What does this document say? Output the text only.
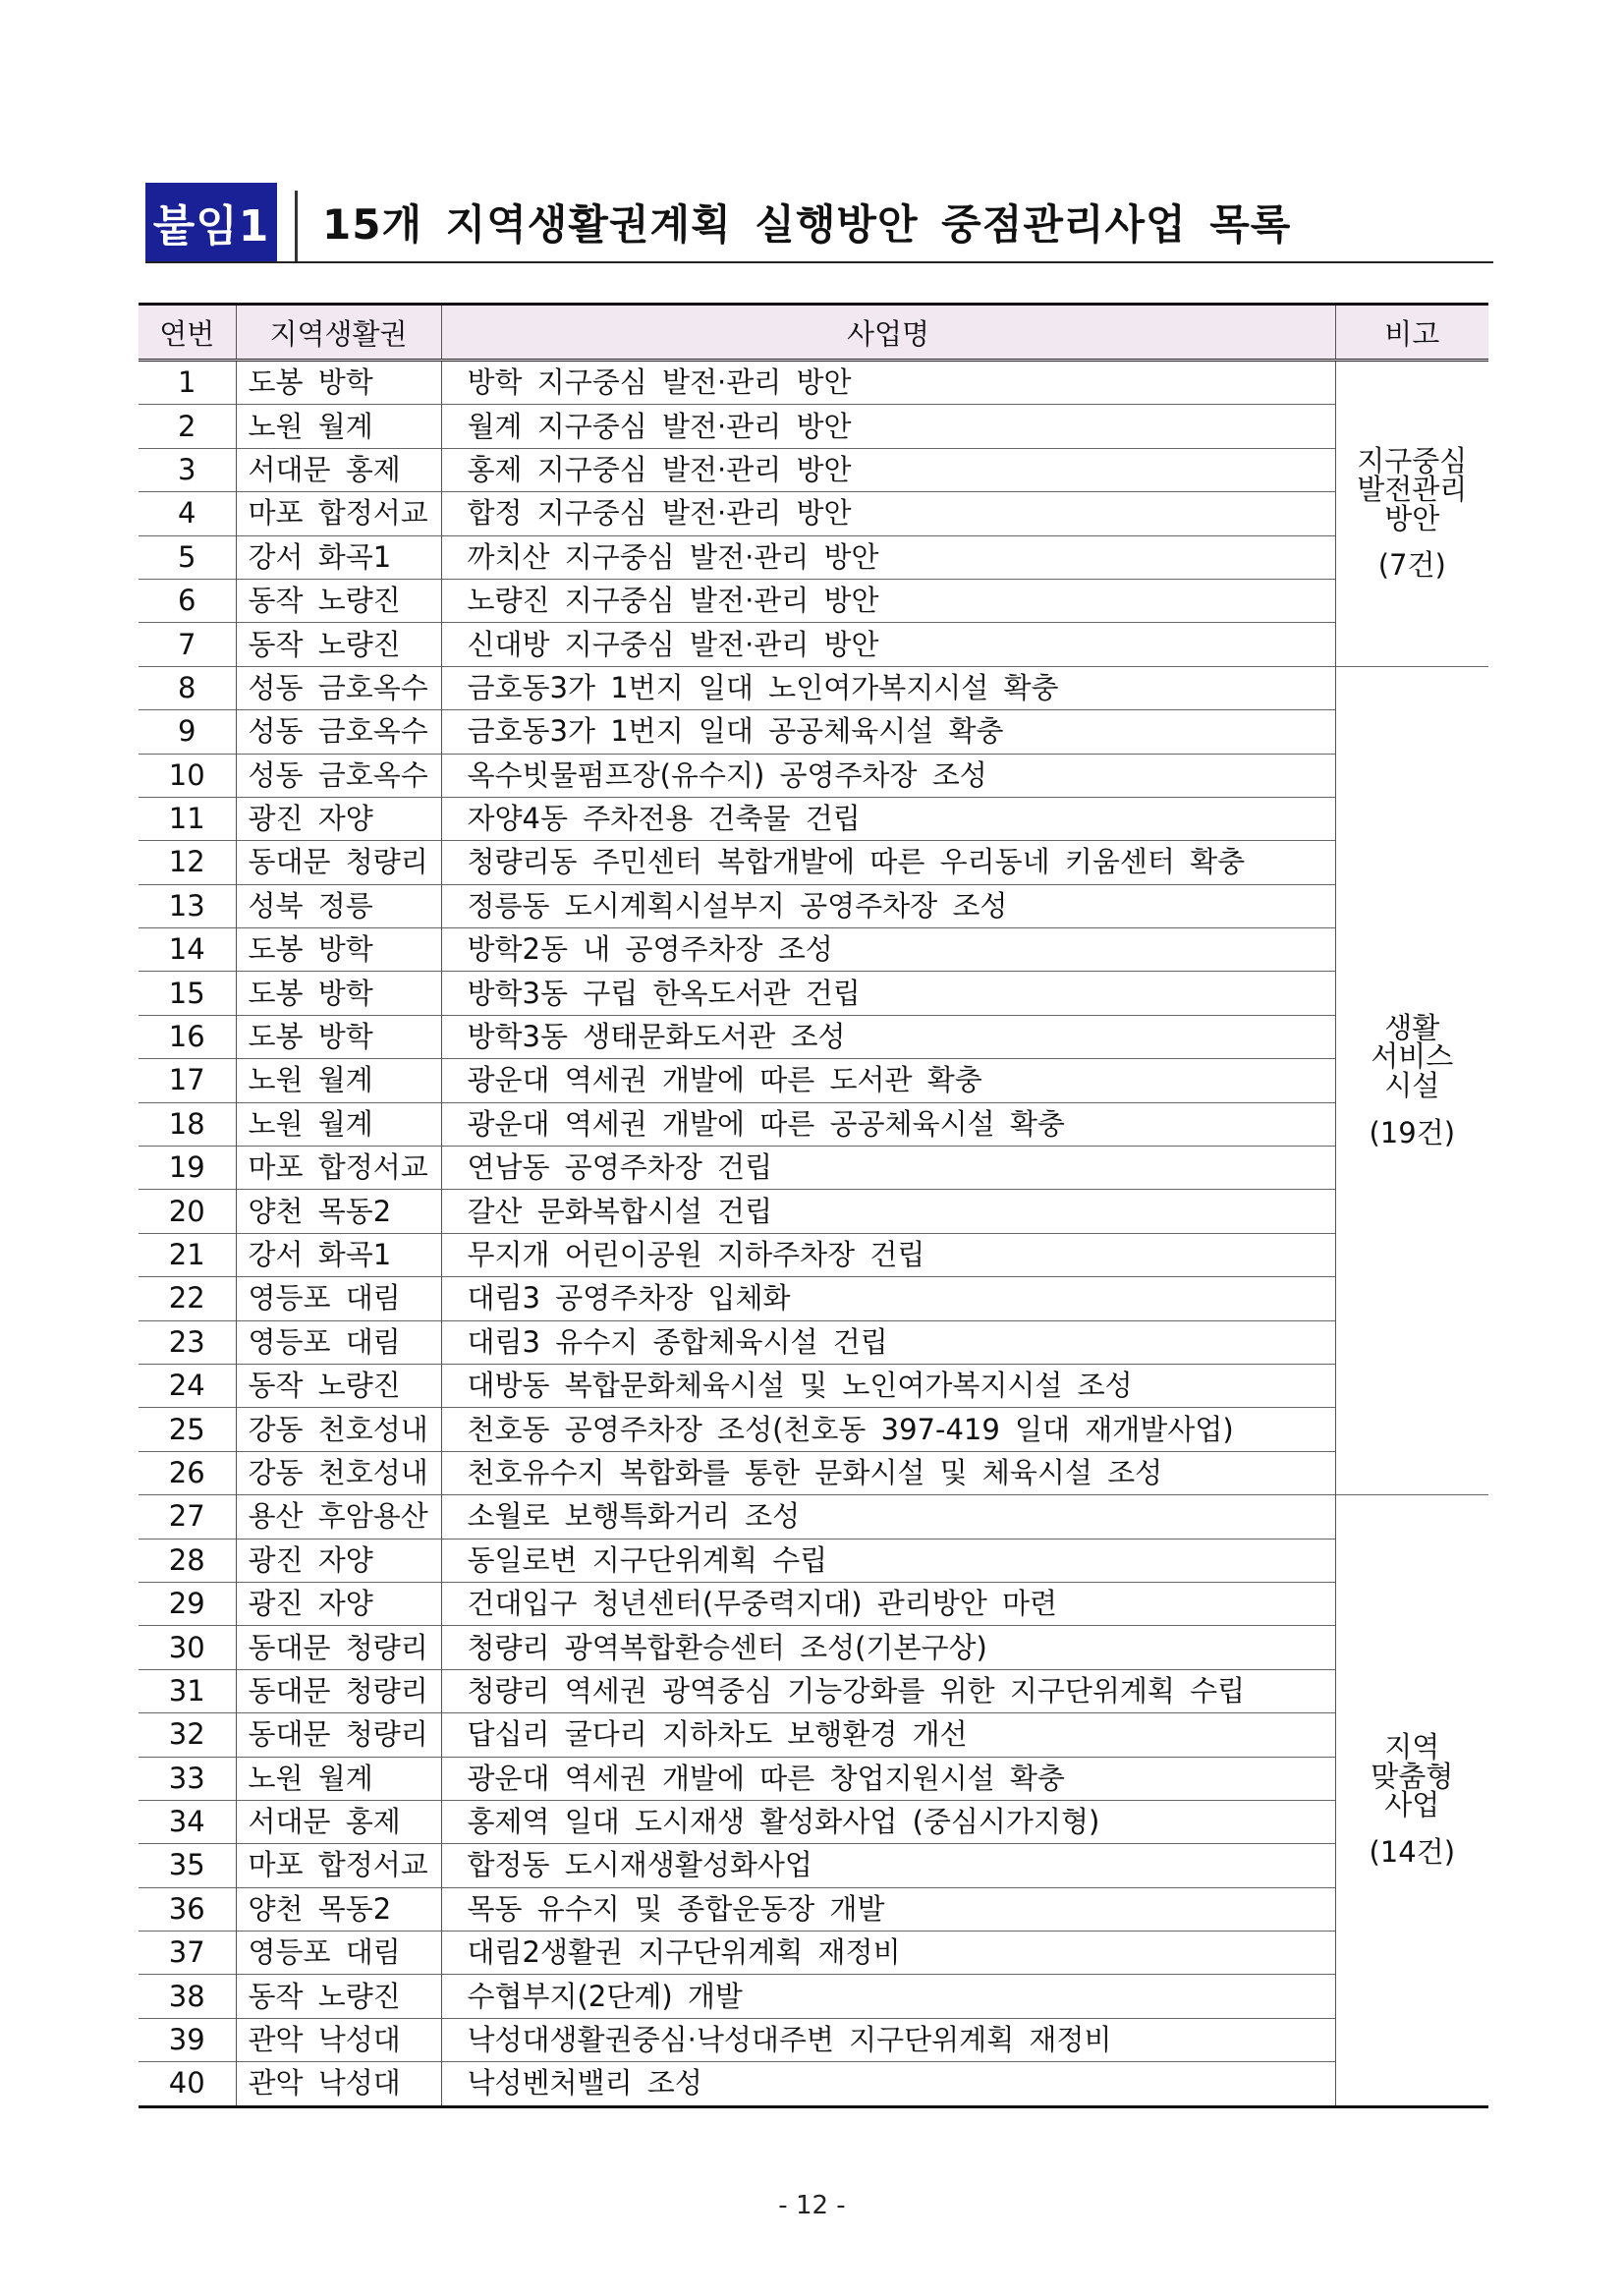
붙임1 15개 지역생활권계획 실행방안 중점관리사업 목록
연번	지역생활권	사업명	비고
1	도봉 방학	방학 지구중심 발전·관리 방안	지구중심
발전관리
방안
(7건)

2	노원 월계	월계 지구중심 발전·관리 방안	
3	서대문 홍제	홍제 지구중심 발전·관리 방안	
4	마포 합정서교	합정 지구중심 발전·관리 방안	
5	강서 화곡1	까치산 지구중심 발전·관리 방안	
6	동작 노량진	노량진 지구중심 발전·관리 방안	
7	동작 노량진	신대방 지구중심 발전·관리 방안	
8	성동 금호옥수	금호동3가 1번지 일대 노인여가복지시설 확충	생활
서비스
시설
(19건)

9	성동 금호옥수	금호동3가 1번지 일대 공공체육시설 확충	
10	성동 금호옥수	옥수빗물펌프장(유수지) 공영주차장 조성	
11	광진 자양	자양4동 주차전용 건축물 건립	
12	동대문 청량리	청량리동 주민센터 복합개발에 따른 우리동네 키움센터 확충	
13	성북 정릉	정릉동 도시계획시설부지 공영주차장 조성	
14	도봉 방학	방학2동 내 공영주차장 조성	
15	도봉 방학	방학3동 구립 한옥도서관 건립	
16	도봉 방학	방학3동 생태문화도서관 조성	
17	노원 월계	광운대 역세권 개발에 따른 도서관 확충	
18	노원 월계	광운대 역세권 개발에 따른 공공체육시설 확충	
19	마포 합정서교	연남동 공영주차장 건립	
20	양천 목동2	갈산 문화복합시설 건립	
21	강서 화곡1	무지개 어린이공원 지하주차장 건립	
22	영등포 대림	대림3 공영주차장 입체화	
23	영등포 대림	대림3 유수지 종합체육시설 건립	
24	동작 노량진	대방동 복합문화체육시설 및 노인여가복지시설 조성	
25	강동 천호성내	천호동 공영주차장 조성(천호동 397-419 일대 재개발사업)	
26	강동 천호성내	천호유수지 복합화를 통한 문화시설 및 체육시설 조성	
27	용산 후암용산	소월로 보행특화거리 조성	지역
맞춤형
사업
(14건)

28	광진 자양	동일로변 지구단위계획 수립	
29	광진 자양	건대입구 청년센터(무중력지대) 관리방안 마련	
30	동대문 청량리	청량리 광역복합환승센터 조성(기본구상)	
31	동대문 청량리	청량리 역세권 광역중심 기능강화를 위한 지구단위계획 수립	
32	동대문 청량리	답십리 굴다리 지하차도 보행환경 개선	
33	노원 월계	광운대 역세권 개발에 따른 창업지원시설 확충	
34	서대문 홍제	홍제역 일대 도시재생 활성화사업 (중심시가지형)	
35	마포 합정서교	합정동 도시재생활성화사업	
36	양천 목동2	목동 유수지 및 종합운동장 개발	
37	영등포 대림	대림2생활권 지구단위계획 재정비	
38	동작 노량진	수협부지(2단계) 개발	
39	관악 낙성대	낙성대생활권중심·낙성대주변 지구단위계획 재정비	
40	관악 낙성대	낙성벤처밸리 조성	
- 12 -
